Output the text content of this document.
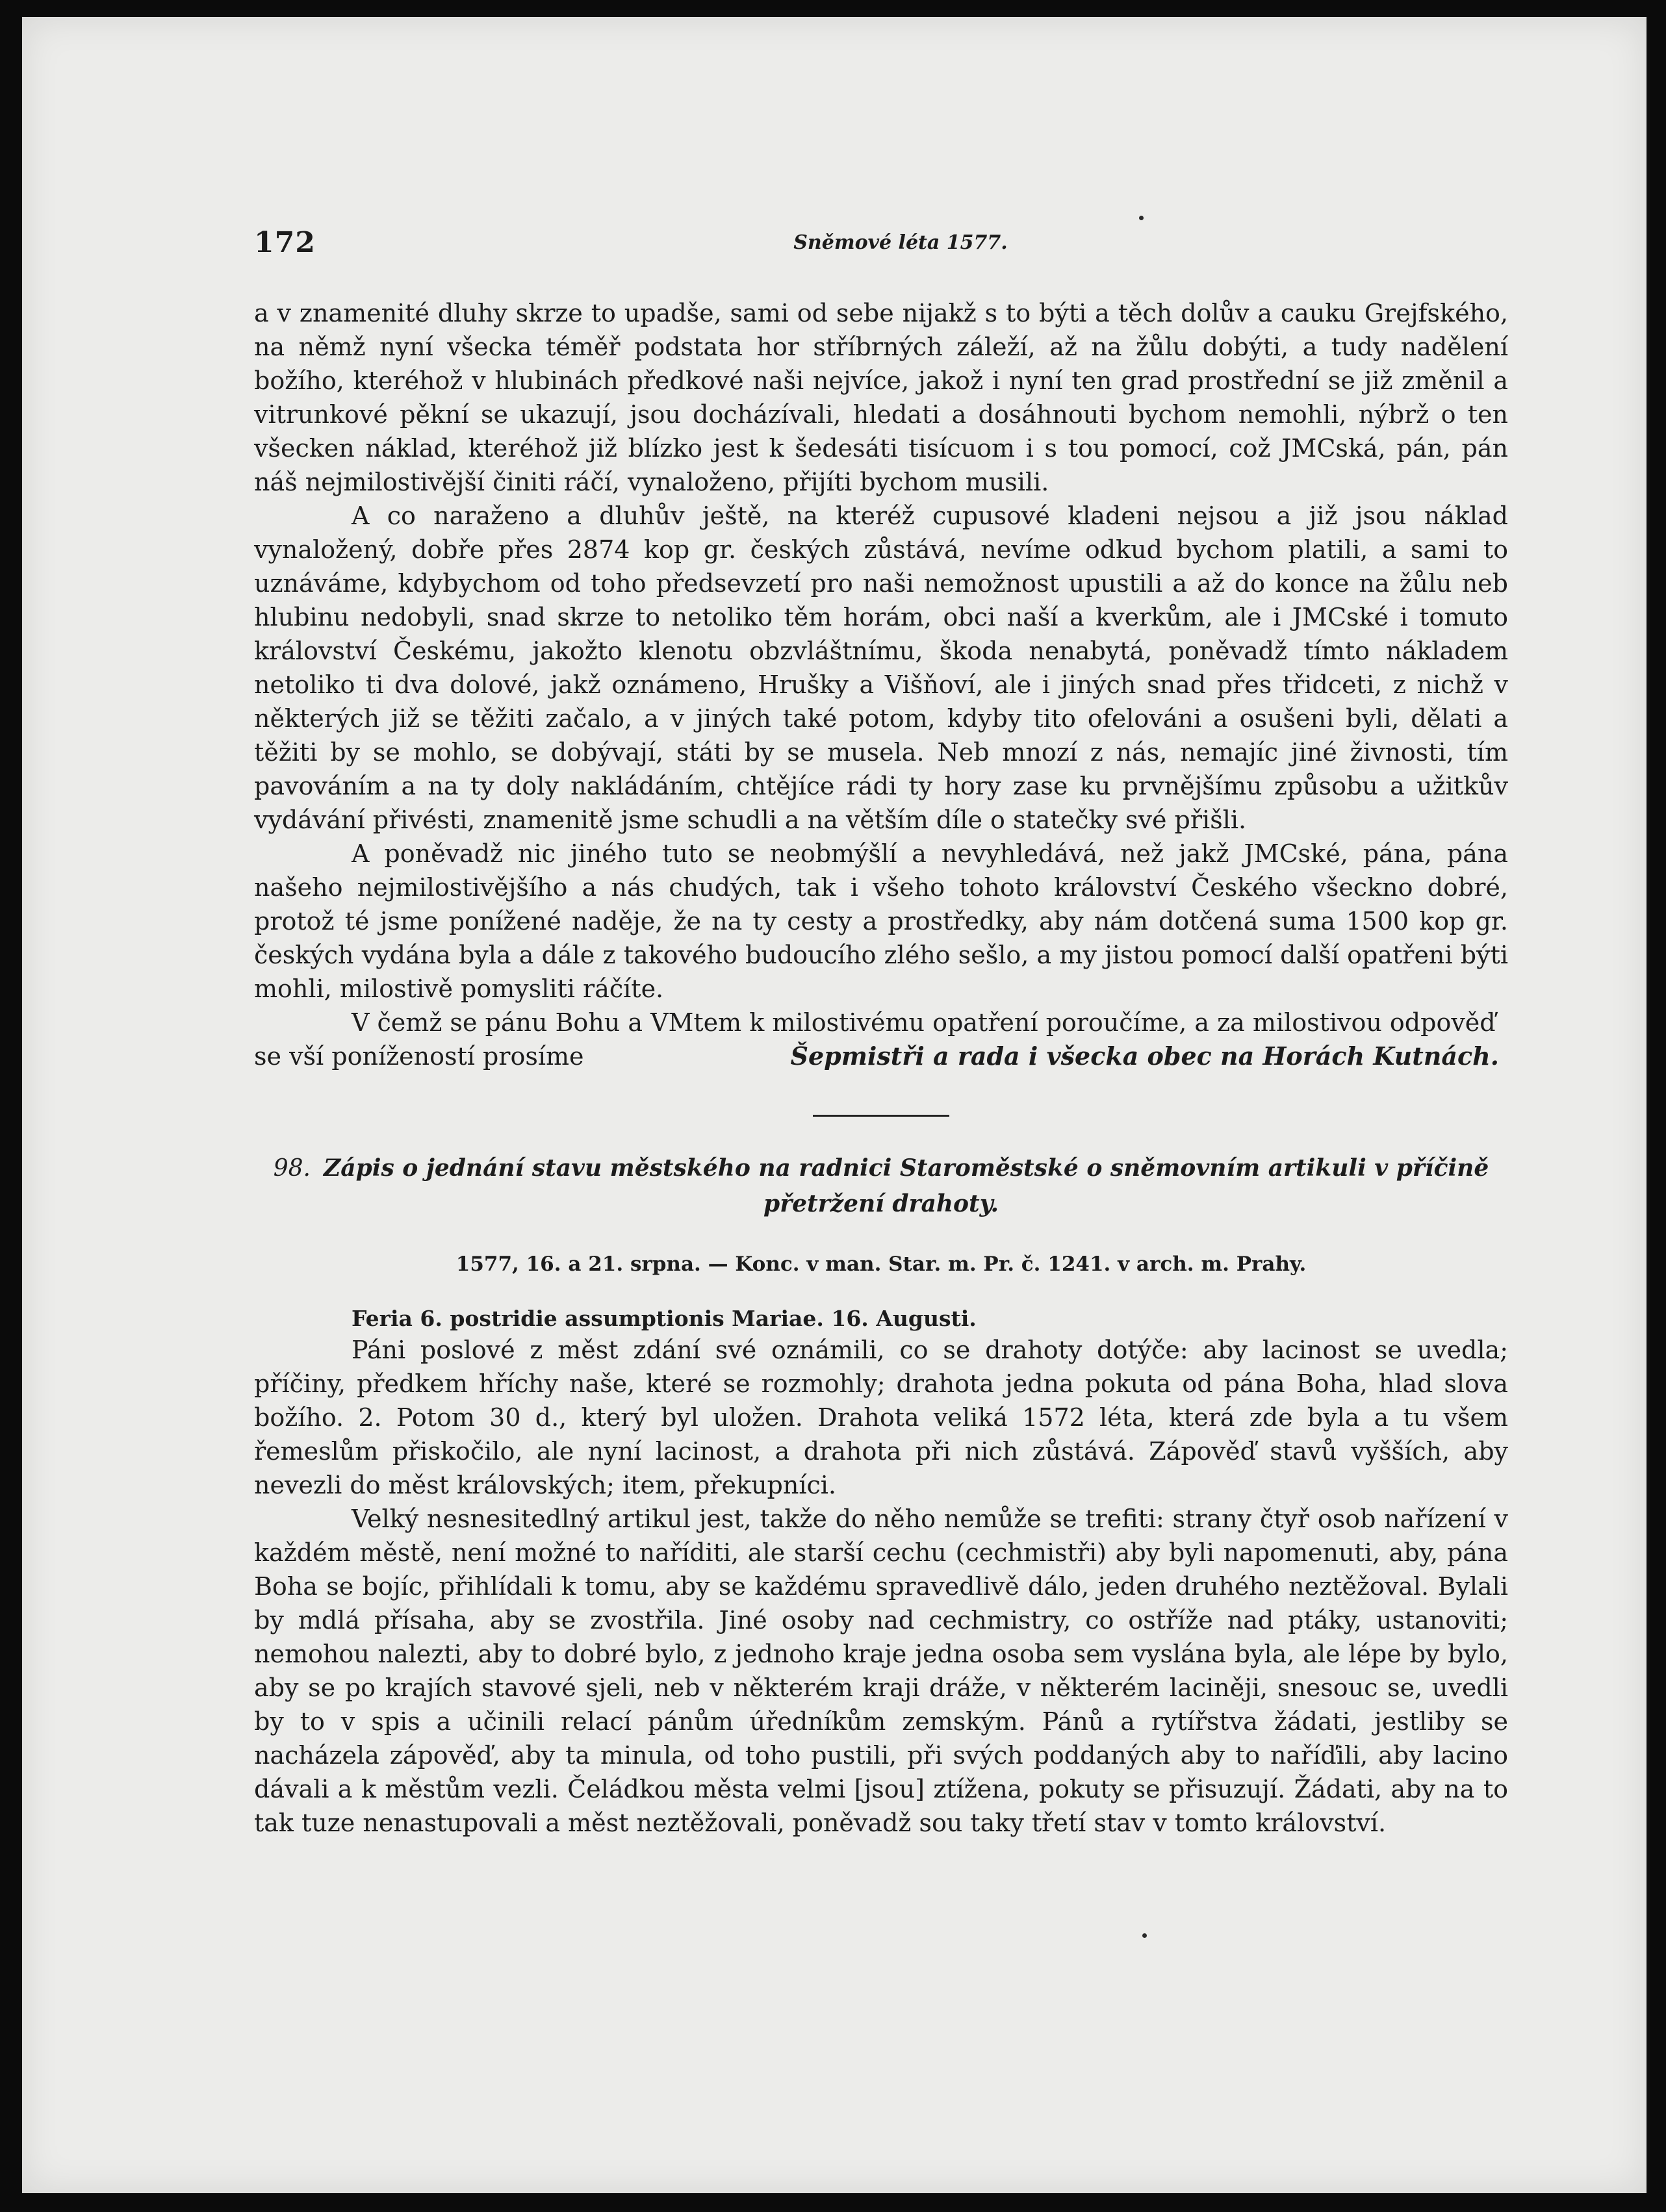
172	Sněmové léta 1577.

a v znamenité dluhy skrze to upadše, sami od sebe nijakž s to býti a těch dolův a cauku Grejfského, na němž nyní všecka téměř podstata hor stříbrných záleží, až na žůlu dobýti, a tudy nadělení božího, kteréhož v hlubinách předkové naši nejvíce, jakož i nyní ten grad prostřední se již změnil a vitrunkové pěkní se ukazují, jsou docházívali, hledati a dosáhnouti bychom nemohli, nýbrž o ten všecken náklad, kteréhož již blízko jest k šedesáti tisícuom i s tou pomocí, což JMCská, pán, pán náš nejmilostivější činiti ráčí, vynaloženo, přijíti bychom musili.

A co naraženo a dluhův ještě, na kteréž cupusové kladeni nejsou a již jsou náklad vynaložený, dobře přes 2874 kop gr. českých zůstává, nevíme odkud bychom platili, a sami to uznáváme, kdybychom od toho předsevzetí pro naši nemožnost upustili a až do konce na žůlu neb hlubinu nedobyli, snad skrze to netoliko těm horám, obci naší a kverkům, ale i JMCské i tomuto království Českému, jakožto klenotu obzvláštnímu, škoda nenabytá, poněvadž tímto nákladem netoliko ti dva dolové, jakž oznámeno, Hrušky a Višňoví, ale i jiných snad přes třidceti, z nichž v některých již se těžiti začalo, a v jiných také potom, kdyby tito ofelováni a osušeni byli, dělati a těžiti by se mohlo, se dobývají, státi by se musela. Neb mnozí z nás, nemajíc jiné živnosti, tím pavováním a na ty doly nakládáním, chtějíce rádi ty hory zase ku prvnějšímu způsobu a užitkův vydávání přivésti, znamenitě jsme schudli a na větším díle o statečky své přišli.

A poněvadž nic jiného tuto se neobmýšlí a nevyhledává, než jakž JMCské, pána, pána našeho nejmilostivějšího a nás chudých, tak i všeho tohoto království Českého všeckno dobré, protož té jsme ponížené naděje, že na ty cesty a prostředky, aby nám dotčená suma 1500 kop gr. českých vydána byla a dále z takového budoucího zlého sešlo, a my jistou pomocí další opatřeni býti mohli, milostivě pomysliti ráčíte.

V čemž se pánu Bohu a VMtem k milostivému opatření poroučíme, a za milostivou odpověď

se vší ponížeností prosíme	Šepmistři a rada i všecka obec na Horách Kutnách.
98. Zápis o jednání stavu městského na radnici Staroměstské o sněmovním artikuli v příčině přetržení drahoty.
1577, 16. a 21. srpna. — Konc. v man. Star. m. Pr. č. 1241. v arch. m. Prahy.

Feria 6. postridie assumptionis Mariae. 16. Augusti.

Páni poslové z měst zdání své oznámili, co se drahoty dotýče: aby lacinost se uvedla; příčiny, předkem hříchy naše, které se rozmohly; drahota jedna pokuta od pána Boha, hlad slova božího. 2. Potom 30 d., který byl uložen. Drahota veliká 1572 léta, která zde byla a tu všem řemeslům přiskočilo, ale nyní lacinost, a drahota při nich zůstává. Zápověď stavů vyšších, aby nevezli do měst královských; item, překupníci.

Velký nesnesitedlný artikul jest, takže do něho nemůže se trefiti: strany čtyř osob nařízení v každém městě, není možné to naříditi, ale starší cechu (cechmistři) aby byli napomenuti, aby, pána Boha se bojíc, přihlídali k tomu, aby se každému spravedlivě dálo, jeden druhého neztěžoval. Bylali by mdlá přísaha, aby se zvostřila. Jiné osoby nad cechmistry, co ostříže nad ptáky, ustanoviti; nemohou nalezti, aby to dobré bylo, z jednoho kraje jedna osoba sem vyslána byla, ale lépe by bylo, aby se po krajích stavové sjeli, neb v některém kraji dráže, v některém laciněji, snesouc se, uvedli by to v spis a učinili relací pánům úředníkům zemským. Pánů a rytířstva žádati, jestliby se nacházela zápověď, aby ta minula, od toho pustili, při svých poddaných aby to naříďili, aby lacino dávali a k městům vezli. Čeládkou města velmi [jsou] ztížena, pokuty se přisuzují. Žádati, aby na to tak tuze nenastupovali a měst neztěžovali, poněvadž sou taky třetí stav v tomto království.
